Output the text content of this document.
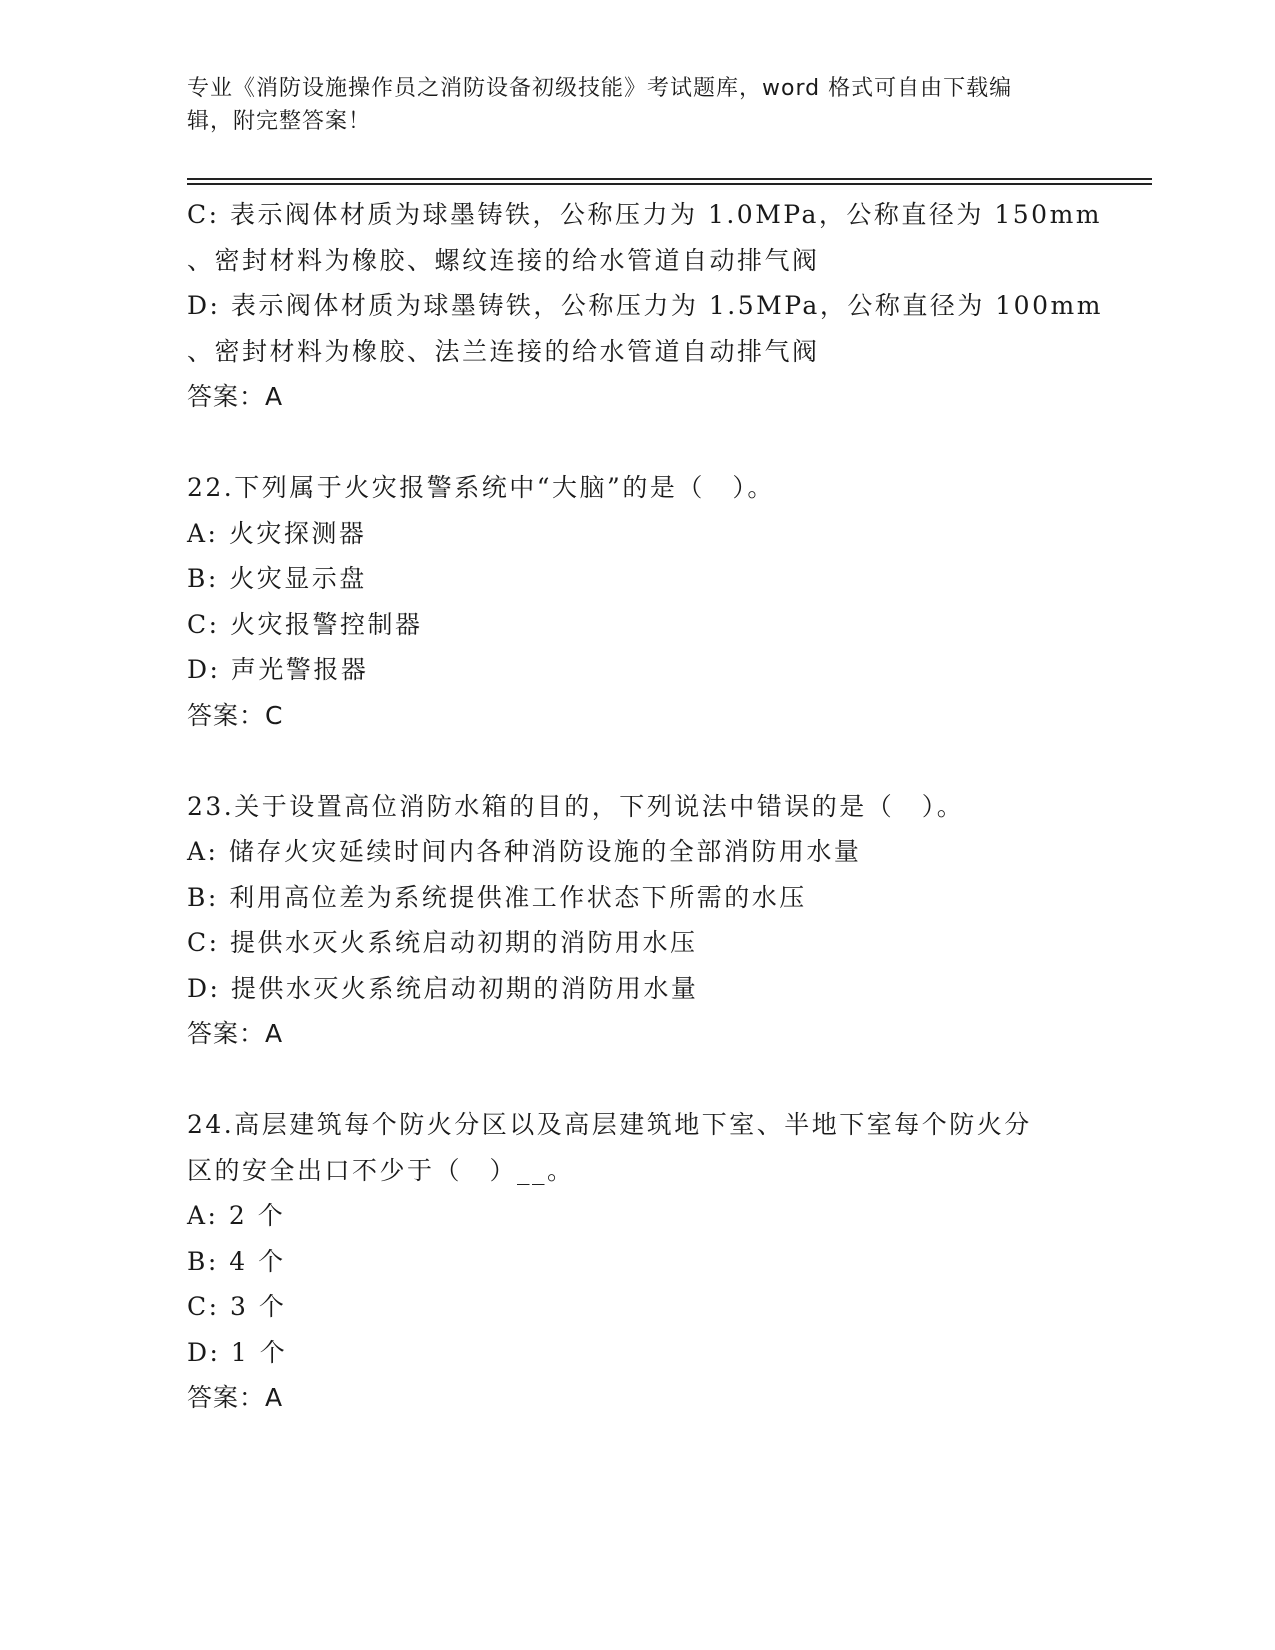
专业《消防设施操作员之消防设备初级技能》考试题库，word 格式可自由下载编
辑，附完整答案！
C: 表示阀体材质为球墨铸铁，公称压力为 1.0MPa，公称直径为 150mm
、密封材料为橡胶、螺纹连接的给水管道自动排气阀
D: 表示阀体材质为球墨铸铁，公称压力为 1.5MPa，公称直径为 100mm
、密封材料为橡胶、法兰连接的给水管道自动排气阀
答案：A
22.下列属于火灾报警系统中“大脑”的是（　）。
A: 火灾探测器
B: 火灾显示盘
C: 火灾报警控制器
D: 声光警报器
答案：C
23.关于设置高位消防水箱的目的，下列说法中错误的是（　）。
A: 储存火灾延续时间内各种消防设施的全部消防用水量
B: 利用高位差为系统提供准工作状态下所需的水压
C: 提供水灭火系统启动初期的消防用水压
D: 提供水灭火系统启动初期的消防用水量
答案：A
24.高层建筑每个防火分区以及高层建筑地下室、半地下室每个防火分
区的安全出口不少于（　）__。
A: 2 个
B: 4 个
C: 3 个
D: 1 个
答案：A
